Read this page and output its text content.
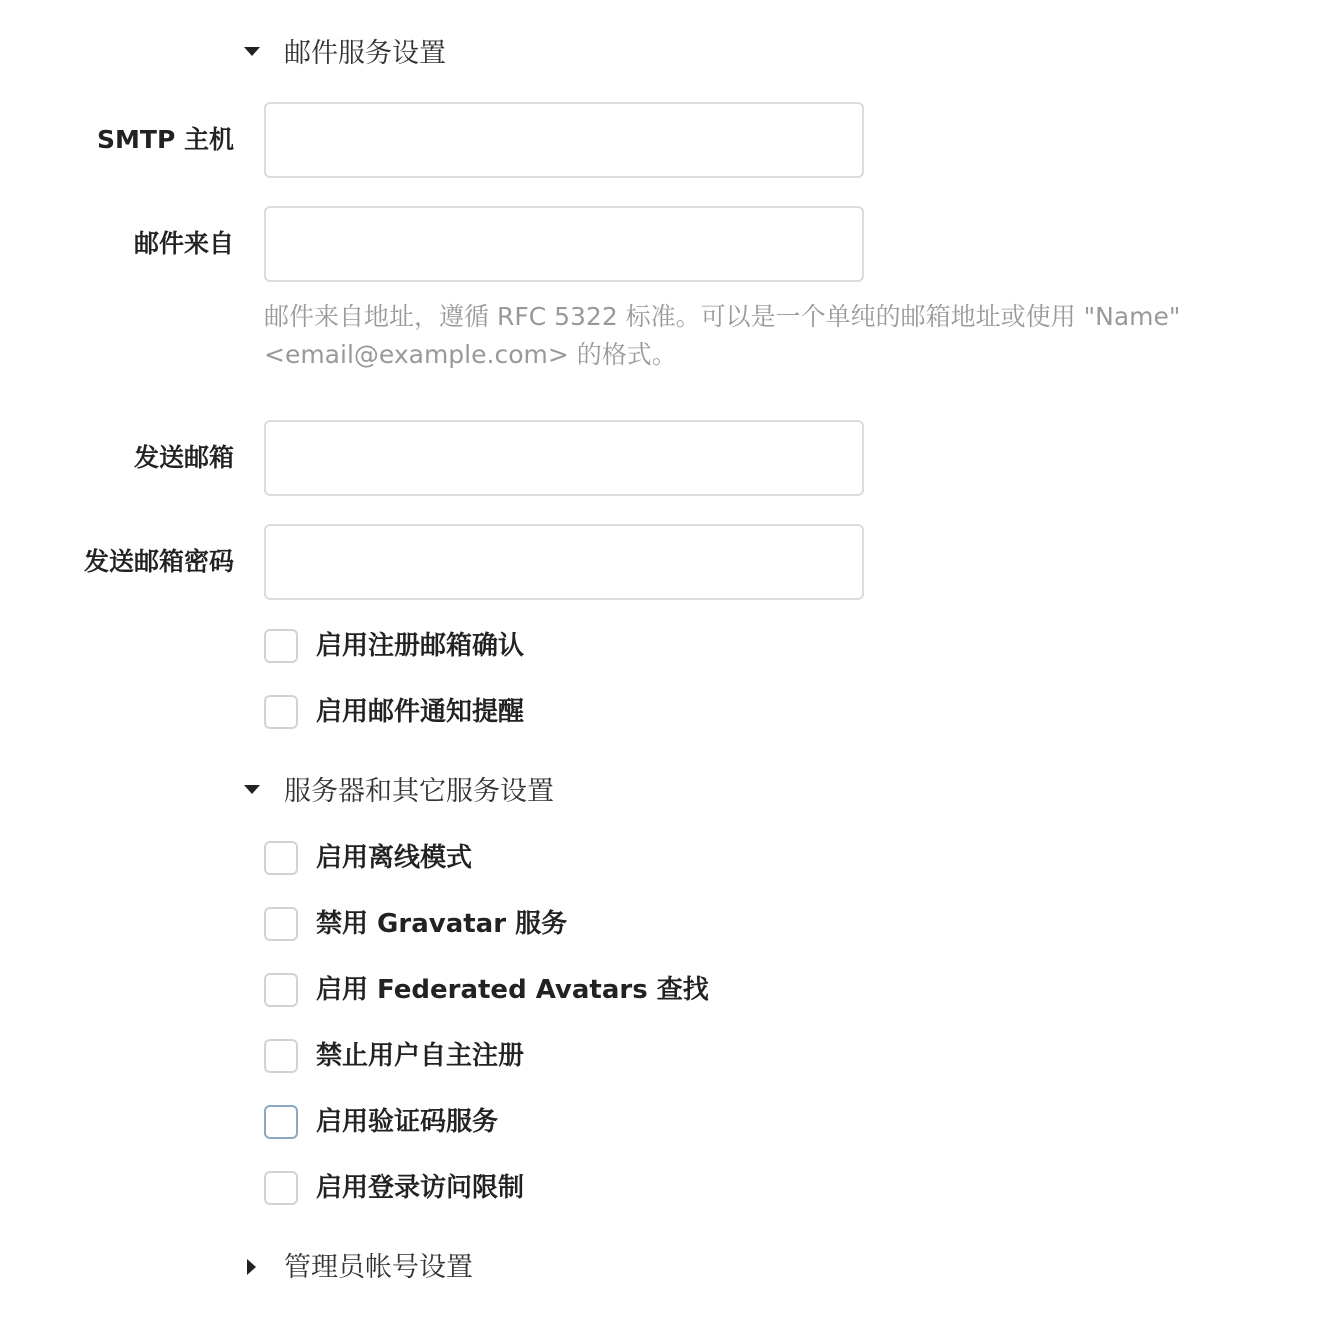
邮件服务设置
SMTP 主机
邮件来自
邮件来自地址，遵循 RFC 5322 标准。可以是一个单纯的邮箱地址或使用 "Name" <email@example.com> 的格式。
发送邮箱
发送邮箱密码
启用注册邮箱确认
启用邮件通知提醒
服务器和其它服务设置
启用离线模式
禁用 Gravatar 服务
启用 Federated Avatars 查找
禁止用户自主注册
启用验证码服务
启用登录访问限制
管理员帐号设置
